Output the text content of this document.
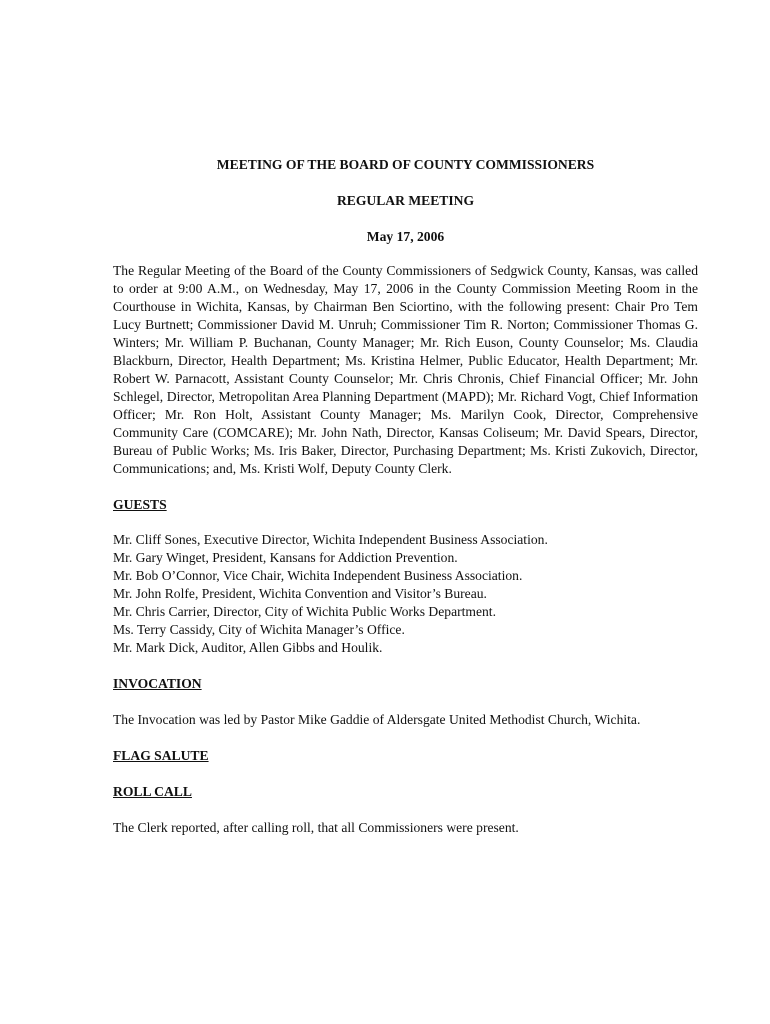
MEETING OF THE BOARD OF COUNTY COMMISSIONERS

REGULAR MEETING

May 17, 2006

The Regular Meeting of the Board of the County Commissioners of Sedgwick County, Kansas, was called to order at 9:00 A.M., on Wednesday, May 17, 2006 in the County Commission Meeting Room in the Courthouse in Wichita, Kansas, by Chairman Ben Sciortino, with the following present: Chair Pro Tem Lucy Burtnett; Commissioner David M. Unruh; Commissioner Tim R. Norton; Commissioner Thomas G. Winters; Mr. William P. Buchanan, County Manager; Mr. Rich Euson, County Counselor; Ms. Claudia Blackburn, Director, Health Department; Ms. Kristina Helmer, Public Educator, Health Department; Mr. Robert W. Parnacott, Assistant County Counselor; Mr. Chris Chronis, Chief Financial Officer; Mr. John Schlegel, Director, Metropolitan Area Planning Department (MAPD); Mr. Richard Vogt, Chief Information Officer; Mr. Ron Holt, Assistant County Manager; Ms. Marilyn Cook, Director, Comprehensive Community Care (COMCARE); Mr. John Nath, Director, Kansas Coliseum; Mr. David Spears, Director, Bureau of Public Works; Ms. Iris Baker, Director, Purchasing Department; Ms. Kristi Zukovich, Director, Communications; and, Ms. Kristi Wolf, Deputy County Clerk.

GUESTS

Mr. Cliff Sones, Executive Director, Wichita Independent Business Association.
Mr. Gary Winget, President, Kansans for Addiction Prevention.
Mr. Bob O’Connor, Vice Chair, Wichita Independent Business Association.
Mr. John Rolfe, President, Wichita Convention and Visitor’s Bureau.
Mr. Chris Carrier, Director, City of Wichita Public Works Department.
Ms. Terry Cassidy, City of Wichita Manager’s Office.
Mr. Mark Dick, Auditor, Allen Gibbs and Houlik.

INVOCATION

The Invocation was led by Pastor Mike Gaddie of Aldersgate United Methodist Church, Wichita.

FLAG SALUTE

ROLL CALL

The Clerk reported, after calling roll, that all Commissioners were present.
